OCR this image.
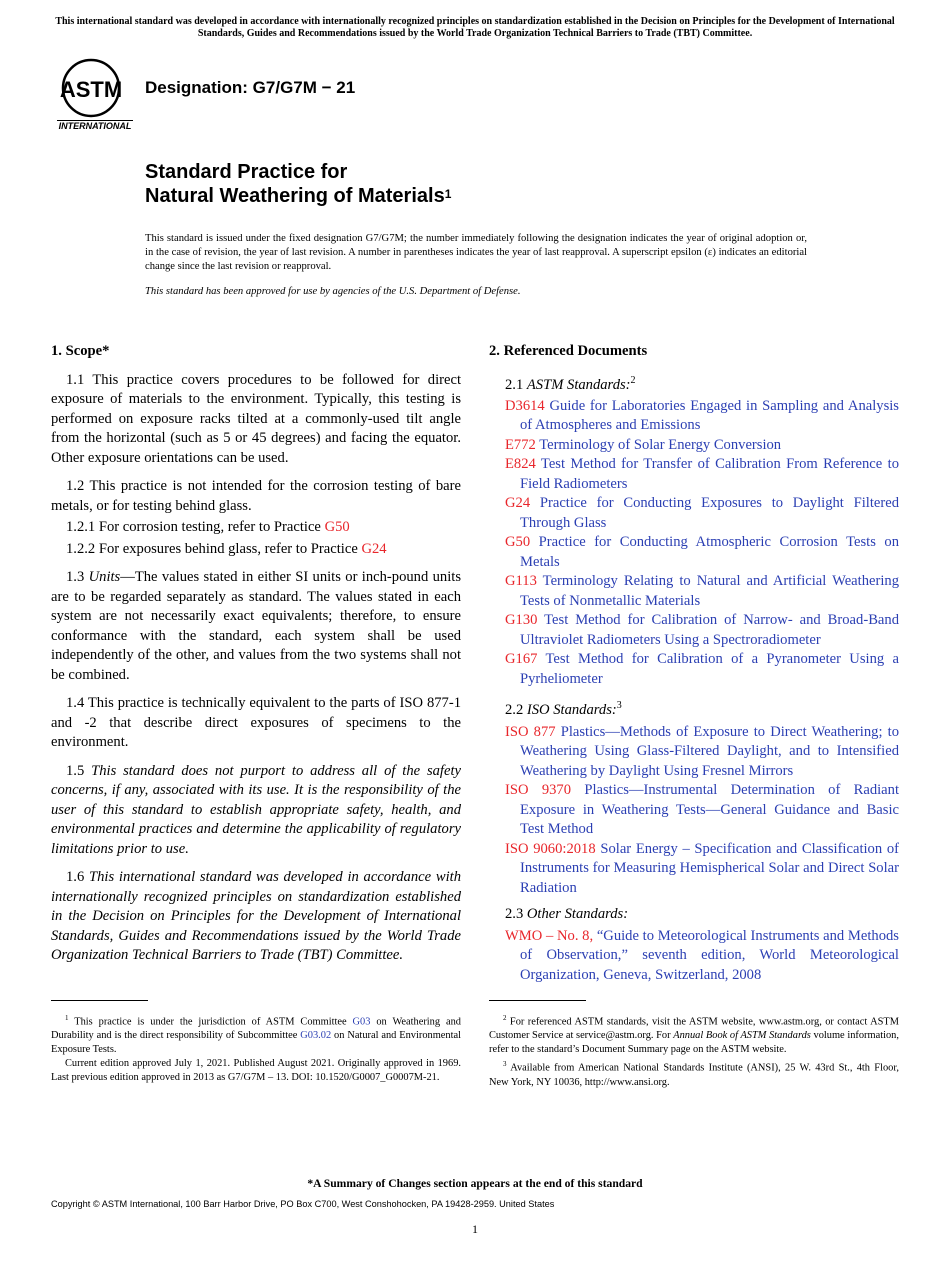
This international standard was developed in accordance with internationally recognized principles on standardization established in the Decision on Principles for the Development of International Standards, Guides and Recommendations issued by the World Trade Organization Technical Barriers to Trade (TBT) Committee.
ASTM
INTERNATIONAL
Designation: G7/G7M − 21
Standard Practice for
Natural Weathering of Materials$^1$
This standard is issued under the fixed designation G7/G7M; the number immediately following the designation indicates the year of original adoption or, in the case of revision, the year of last revision. A number in parentheses indicates the year of last reapproval. A superscript epsilon (ε) indicates an editorial change since the last revision or reapproval.
This standard has been approved for use by agencies of the U.S. Department of Defense.

1. Scope*

1.1 This practice covers procedures to be followed for direct exposure of materials to the environment. Typically, this testing is performed on exposure racks tilted at a commonly-used tilt angle from the horizontal (such as 5 or 45 degrees) and facing the equator. Other exposure orientations can be used.

1.2 This practice is not intended for the corrosion testing of bare metals, or for testing behind glass.

1.2.1 For corrosion testing, refer to Practice G50

1.2.2 For exposures behind glass, refer to Practice G24

1.3 Units—The values stated in either SI units or inch-pound units are to be regarded separately as standard. The values stated in each system are not necessarily exact equivalents; therefore, to ensure conformance with the standard, each system shall be used independently of the other, and values from the two systems shall not be combined.

1.4 This practice is technically equivalent to the parts of ISO 877-1 and -2 that describe direct exposures of specimens to the environment.

1.5 This standard does not purport to address all of the safety concerns, if any, associated with its use. It is the responsibility of the user of this standard to establish appropriate safety, health, and environmental practices and determine the applicability of regulatory limitations prior to use.

1.6 This international standard was developed in accordance with internationally recognized principles on standardization established in the Decision on Principles for the Development of International Standards, Guides and Recommendations issued by the World Trade Organization Technical Barriers to Trade (TBT) Committee.

2. Referenced Documents

2.1 ASTM Standards:$^2$

D3614 Guide for Laboratories Engaged in Sampling and Analysis of Atmospheres and Emissions

E772 Terminology of Solar Energy Conversion

E824 Test Method for Transfer of Calibration From Reference to Field Radiometers

G24 Practice for Conducting Exposures to Daylight Filtered Through Glass

G50 Practice for Conducting Atmospheric Corrosion Tests on Metals

G113 Terminology Relating to Natural and Artificial Weathering Tests of Nonmetallic Materials

G130 Test Method for Calibration of Narrow- and Broad-Band Ultraviolet Radiometers Using a Spectroradiometer

G167 Test Method for Calibration of a Pyranometer Using a Pyrheliometer

2.2 ISO Standards:$^3$

ISO 877 Plastics—Methods of Exposure to Direct Weathering; to Weathering Using Glass-Filtered Daylight, and to Intensified Weathering by Daylight Using Fresnel Mirrors

ISO 9370 Plastics—Instrumental Determination of Radiant Exposure in Weathering Tests—General Guidance and Basic Test Method

ISO 9060:2018 Solar Energy – Specification and Classification of Instruments for Measuring Hemispherical Solar and Direct Solar Radiation

2.3 Other Standards:

WMO – No. 8, “Guide to Meteorological Instruments and Methods of Observation,” seventh edition, World Meteorological Organization, Geneva, Switzerland, 2008

$^1$ This practice is under the jurisdiction of ASTM Committee G03 on Weathering and Durability and is the direct responsibility of Subcommittee G03.02 on Natural and Environmental Exposure Tests.

Current edition approved July 1, 2021. Published August 2021. Originally approved in 1969. Last previous edition approved in 2013 as G7/G7M – 13. DOI: 10.1520/G0007_G0007M-21.

$^2$ For referenced ASTM standards, visit the ASTM website, www.astm.org, or contact ASTM Customer Service at service@astm.org. For Annual Book of ASTM Standards volume information, refer to the standard’s Document Summary page on the ASTM website.

$^3$ Available from American National Standards Institute (ANSI), 25 W. 43rd St., 4th Floor, New York, NY 10036, http://www.ansi.org.

*A Summary of Changes section appears at the end of this standard
Copyright © ASTM International, 100 Barr Harbor Drive, PO Box C700, West Conshohocken, PA 19428-2959. United States
1
